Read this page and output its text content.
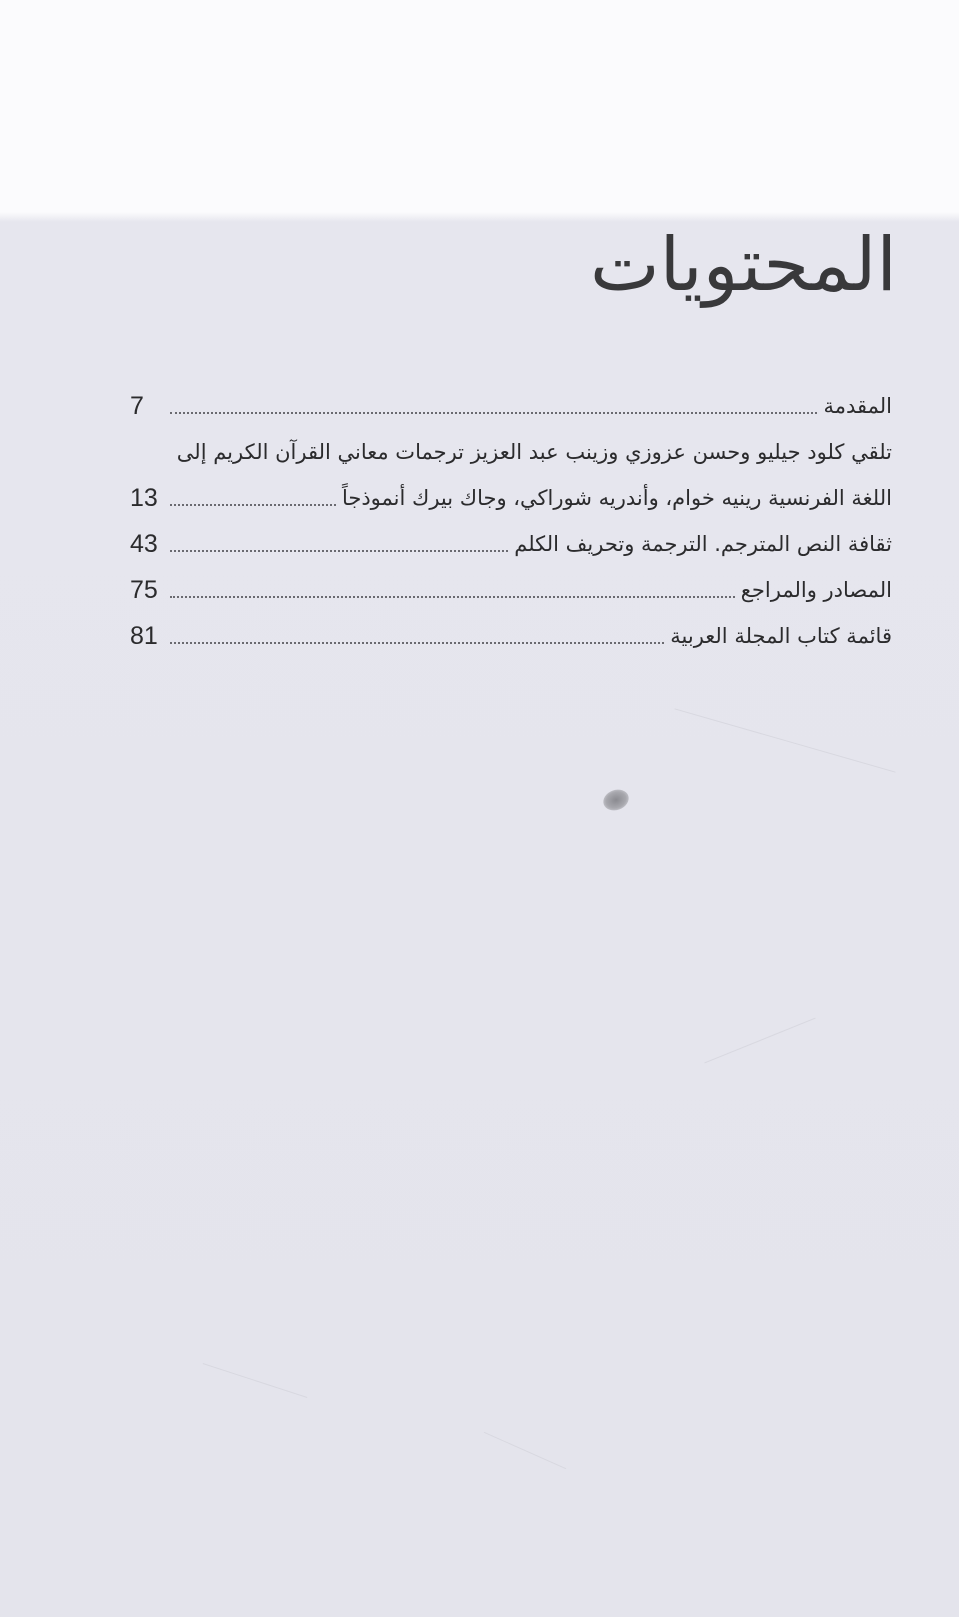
المحتويات
المقدمة
7
تلقي كلود جيليو وحسن عزوزي وزينب عبد العزيز ترجمات معاني القرآن الكريم إلى
اللغة الفرنسية رينيه خوام، وأندريه شوراكي، وجاك بيرك أنموذجاً
13
ثقافة النص المترجم. الترجمة وتحريف الكلم
43
المصادر والمراجع
75
قائمة كتاب المجلة العربية
81
